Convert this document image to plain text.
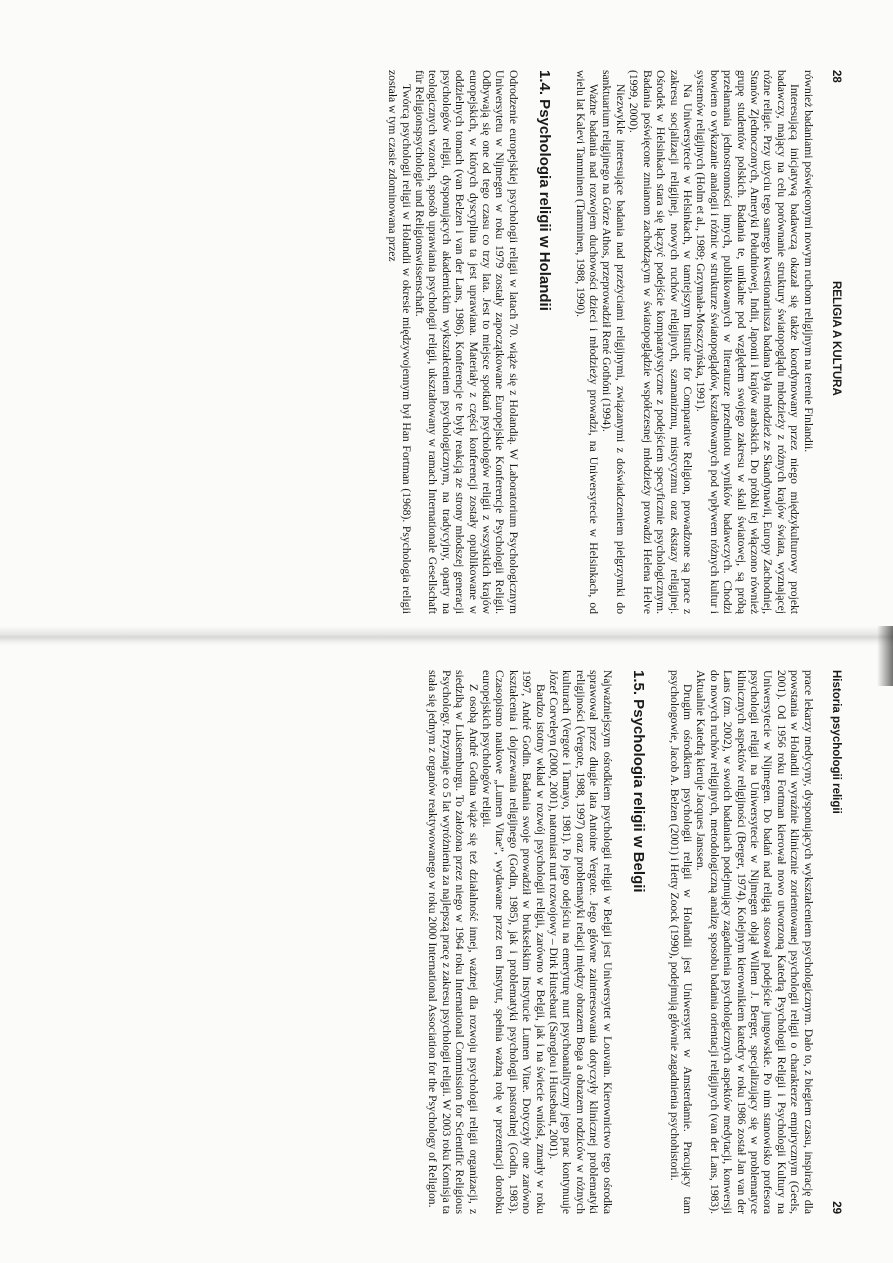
28
RELIGIA A KULTURA

również badaniami poświęconymi nowym ruchom religijnym na terenie Finlandii.

Interesującą inicjatywą badawczą okazał się także koordynowany przez niego międzykulturowy projekt badawczy, mający na celu porównanie struktury światopoglądu młodzieży z różnych krajów świata, wyznającej różne religie. Przy użyciu tego samego kwestionariusza badana była młodzież ze Skandynawii, Europy Zachodniej, Stanów Zjednoczonych, Ameryki Południowej, Indii, Japonii i krajów arabskich. Do próbki tej włączono również grupę studentów polskich. Badania te, unikalne pod względem swojego zakresu w skali światowej, są próbą przełamania jednostronności innych, publikowanych w literaturze przedmiotu wyników badawczych. Chodzi bowiem o wykazanie analogii i różnic w strukturze światopoglądów, kształtowanych pod wpływem różnych kultur i systemów religijnych (Holm et al., 1989; Grzymała-Moszczyńska, 1991).

Na Uniwersytecie w Helsinkach, w tamtejszym Institute for Comparative Religion, prowadzone są prace z zakresu socjalizacji religijnej, nowych ruchów religijnych, szamanizmu, mistycyzmu oraz ekstazy religijnej. Ośrodek w Helsinkach stara się łączyć podejście komparatystyczne z podejściem specyficznie psychologicznym. Badania poświęcone zmianom zachodzącym w światopoglądzie współczesnej młodzieży prowadzi Helena Helve (1999, 2000).

Niezwykle interesujące badania nad przeżyciami religijnymi, związanymi z doświadczeniem pielgrzymki do sanktuarium religijnego na Górze Athos, przeprowadził René Gothóni (1994).

Ważne badania nad rozwojem duchowości dzieci i młodzieży prowadzi, na Uniwersytecie w Helsinkach, od wielu lat Kalevi Tamminen (Tamminen, 1988, 1990).

1.4. Psychologia religii w Holandii

Odrodzenie europejskiej psychologii religii w latach 70. wiąże się z Holandią. W Laboratorium Psychologicznym Uniwersytetu w Nijmegen w roku 1979 zostały zapoczątkowane Europejskie Konferencje Psychologii Religii. Odbywają się one od tego czasu co trzy lata. Jest to miejsce spotkań psychologów religii z wszystkich krajów europejskich, w których dyscyplina ta jest uprawiana. Materiały z części konferencji zostały opublikowane w oddzielnych tomach (van Belzen i van der Lans, 1986). Konferencje te były reakcją ze strony młodszej generacji psychologów religii, dysponujących akademickim wykształceniem psychologicznym, na tradycyjny, oparty na teologicznych wzorach, sposób uprawiania psychologii religii, ukształtowany w ramach Internationale Gesellschaft für Religionspsychologie und Religionswissenschaft.

Twórcą psychologii religii w Holandii w okresie międzywojennym był Han Fortman (1968). Psychologia religii została w tym czasie zdominowana przez

Historia psychologii religii
29

prace lekarzy medycyny, dysponujących wykształceniem psychologicznym. Dało to, z biegiem czasu, inspirację dla powstania w Holandii wyraźnie klinicznie zorientowanej psychologii religii o charakterze empirycznym (Geels, 2001). Od 1956 roku Fortman kierował nowo utworzoną Katedrą Psychologii Religii i Psychologii Kultury na Uniwersytecie w Nijmegen. Do badań nad religią stosował podejście jungowskie. Po nim stanowisko profesora psychologii religii na Uniwersytecie w Nijmegen objął Willem J. Berger, specjalizujący się w problematyce klinicznych aspektów religijności (Berger, 1974). Kolejnym kierownikiem katedry w roku 1986 został Jan van der Lans (zm. 2002), w swoich badaniach podejmujący zagadnienia psychologicznych aspektów medytacji, konwersji do nowych ruchów religijnych, metodologiczną analizę sposobu badania orientacji religijnych (van der Lans, 1983). Aktualnie Katedrą kieruje Jacques Janssen.

Drugim ośrodkiem psychologii religii w Holandii jest Uniwersytet w Amsterdamie. Pracujący tam psychologowie, Jacob A. Belzen (2001) i Hetty Zoock (1990), podejmują głównie zagadnienia psychohistorii.

1.5. Psychologia religii w Belgii

Najważniejszym ośrodkiem psychologii religii w Belgii jest Uniwersytet w Louvain. Kierownictwo tego ośrodka sprawował przez długie lata Antoine Vergote. Jego główne zainteresowania dotyczyły klinicznej problematyki religijności (Vergote, 1988, 1997) oraz problematyki relacji między obrazem Boga a obrazem rodziców w różnych kulturach (Vergote i Tamayo, 1981). Po jego odejściu na emeryturę nurt psychoanalityczny jego prac kontynuuje Józef Corveleyn (2000, 2001), natomiast nurt rozwojowy – Dirk Hutsebaut (Saroglou i Hutsebaut, 2001).

Bardzo istotny wkład w rozwój psychologii religii, zarówno w Belgii, jak i na świecie wniósł, zmarły w roku 1997, André Godin. Badania swoje prowadził w brukselskim Instytucie Lumen Vitae. Dotyczyły one zarówno kształcenia i dojrzewania religijnego (Godin, 1985), jak i problematyki psychologii pastoralnej (Godin, 1983). Czasopismo naukowe „Lumen Vitae”, wydawane przez ten Instytut, spełnia ważną rolę w prezentacji dorobku europejskich psychologów religii.

Z osobą André Godina wiąże się też działalność innej, ważnej dla rozwoju psychologii religii organizacji, z siedzibą w Luksemburgu. To założona przez niego w 1964 roku International Commission for Scientific Religious Psychology. Przyznaje co 5 lat wyróżnienia za najlepszą pracę z zakresu psychologii religii. W 2003 roku Komisja ta stała się jednym z organów reaktywowanego w roku 2000 International Association for the Psychology of Religion.
